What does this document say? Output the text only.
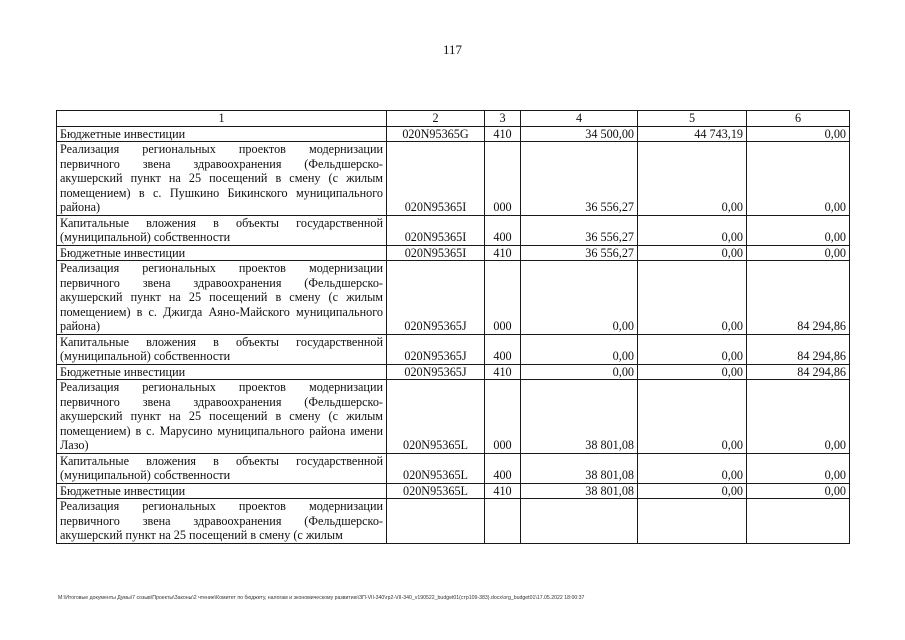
117
1	2	3	4	5	6
Бюджетные инвестиции	020N95365G	410	34 500,00	44 743,19	0,00
Реализация региональных проектов модернизации первичного звена здравоохранения (Фельдшерско-акушерский пункт на 25 посещений в смену (с жилым помещением) в с. Пушкино Бикинского муниципального района)	020N95365I	000	36 556,27	0,00	0,00
Капитальные вложения в объекты государственной (муниципальной) собственности	020N95365I	400	36 556,27	0,00	0,00
Бюджетные инвестиции	020N95365I	410	36 556,27	0,00	0,00
Реализация региональных проектов модернизации первичного звена здравоохранения (Фельдшерско-акушерский пункт на 25 посещений в смену (с жилым помещением) в с. Джигда Аяно-Майского муниципального района)	020N95365J	000	0,00	0,00	84 294,86
Капитальные вложения в объекты государственной (муниципальной) собственности	020N95365J	400	0,00	0,00	84 294,86
Бюджетные инвестиции	020N95365J	410	0,00	0,00	84 294,86
Реализация региональных проектов модернизации первичного звена здравоохранения (Фельдшерско-акушерский пункт на 25 посещений в смену (с жилым помещением) в с. Марусино муниципального района имени Лазо)	020N95365L	000	38 801,08	0,00	0,00
Капитальные вложения в объекты государственной (муниципальной) собственности	020N95365L	400	38 801,08	0,00	0,00
Бюджетные инвестиции	020N95365L	410	38 801,08	0,00	0,00
Реализация региональных проектов модернизации первичного звена здравоохранения (Фельдшерско-акушерский пункт на 25 посещений в смену (с жилым					
M:\Итоговые документы Думы\7 созыв\Проекты\Законы\2 чтение\Комитет по бюджету, налогам и экономическому развитию\ЗП-VII-340\гр2-VII-340_v190522_budget01(стр109-383).docx\org_budget01\17.05.2022 18:00:37
